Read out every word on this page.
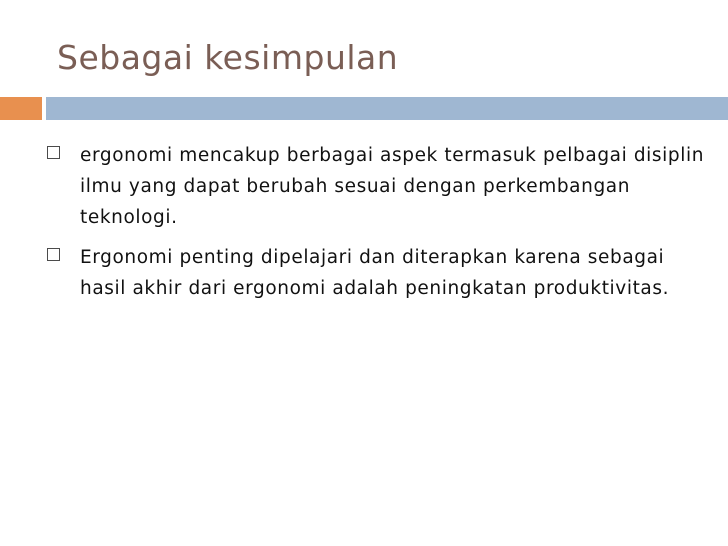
Sebagai kesimpulan
ergonomi mencakup berbagai aspek termasuk pelbagai disiplin ilmu yang dapat berubah sesuai dengan perkembangan teknologi.
Ergonomi penting dipelajari dan diterapkan karena sebagai hasil akhir dari ergonomi adalah peningkatan produktivitas.
